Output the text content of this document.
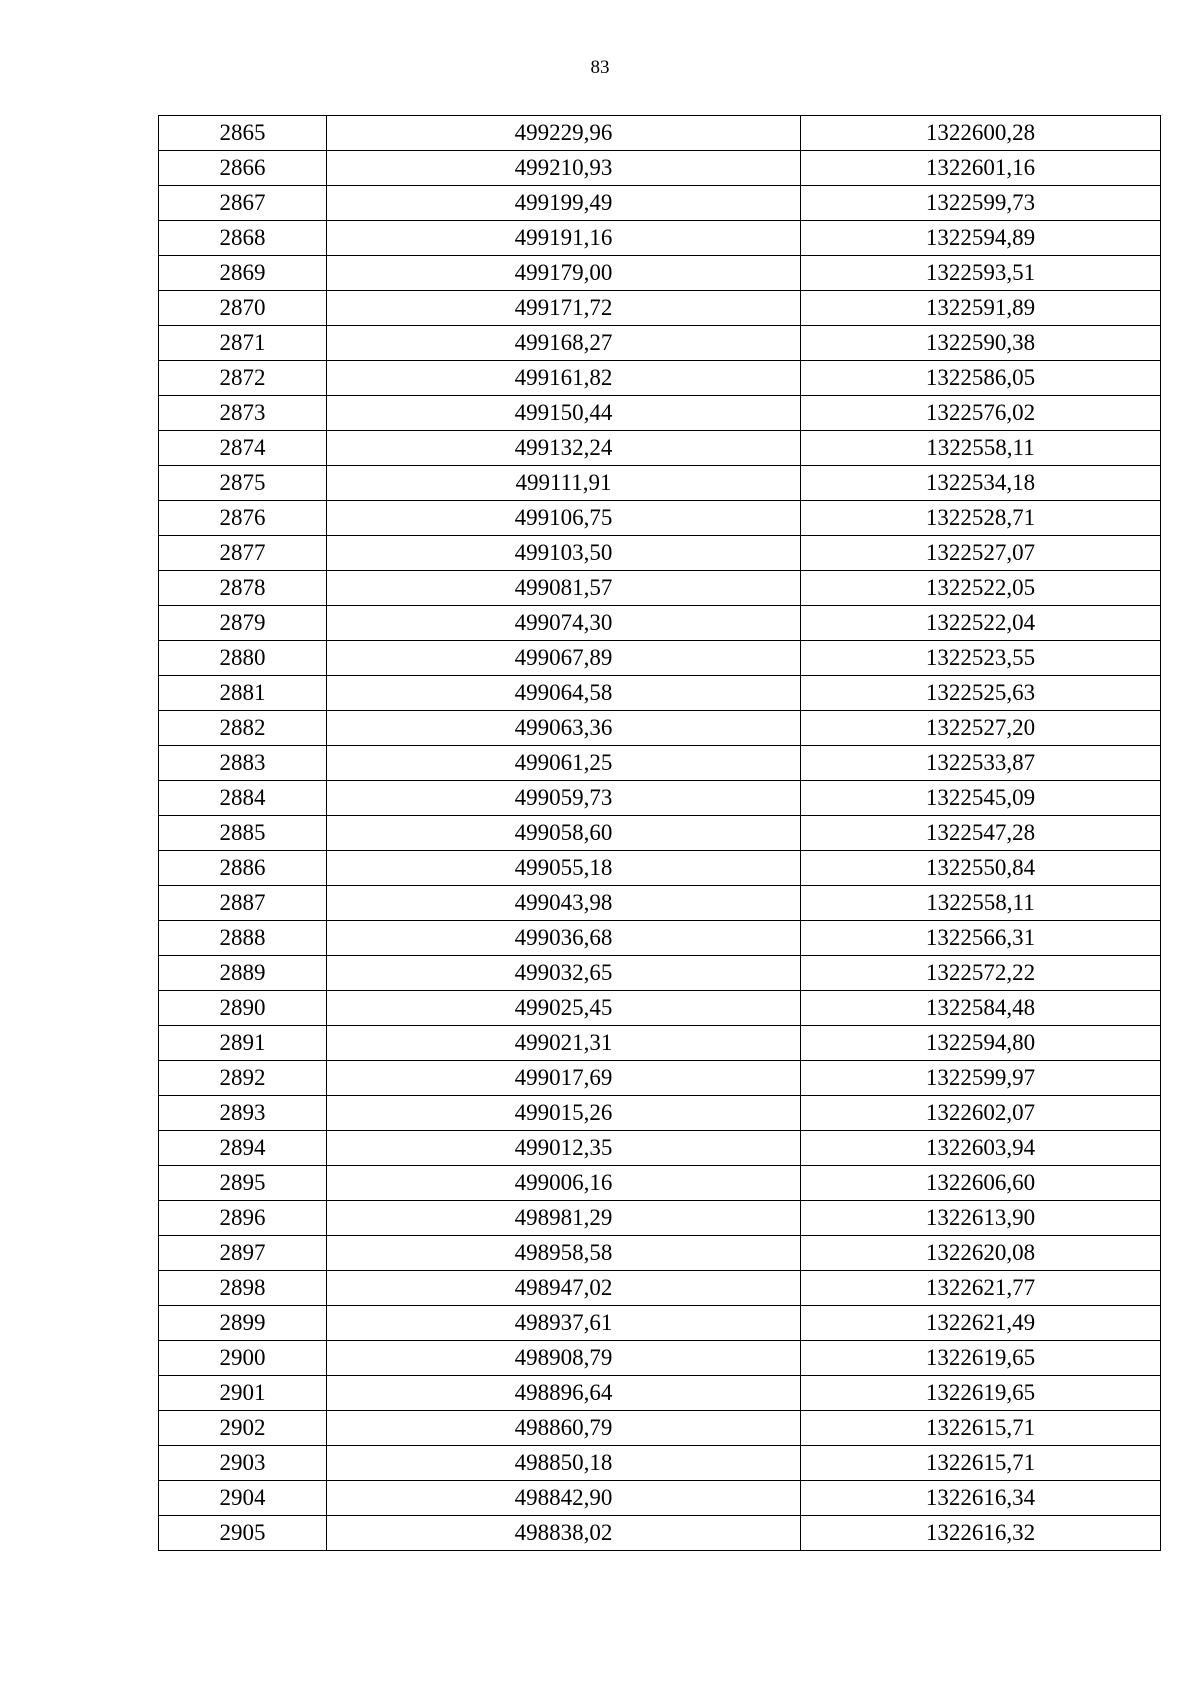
83
2865	499229,96	1322600,28
2866	499210,93	1322601,16
2867	499199,49	1322599,73
2868	499191,16	1322594,89
2869	499179,00	1322593,51
2870	499171,72	1322591,89
2871	499168,27	1322590,38
2872	499161,82	1322586,05
2873	499150,44	1322576,02
2874	499132,24	1322558,11
2875	499111,91	1322534,18
2876	499106,75	1322528,71
2877	499103,50	1322527,07
2878	499081,57	1322522,05
2879	499074,30	1322522,04
2880	499067,89	1322523,55
2881	499064,58	1322525,63
2882	499063,36	1322527,20
2883	499061,25	1322533,87
2884	499059,73	1322545,09
2885	499058,60	1322547,28
2886	499055,18	1322550,84
2887	499043,98	1322558,11
2888	499036,68	1322566,31
2889	499032,65	1322572,22
2890	499025,45	1322584,48
2891	499021,31	1322594,80
2892	499017,69	1322599,97
2893	499015,26	1322602,07
2894	499012,35	1322603,94
2895	499006,16	1322606,60
2896	498981,29	1322613,90
2897	498958,58	1322620,08
2898	498947,02	1322621,77
2899	498937,61	1322621,49
2900	498908,79	1322619,65
2901	498896,64	1322619,65
2902	498860,79	1322615,71
2903	498850,18	1322615,71
2904	498842,90	1322616,34
2905	498838,02	1322616,32
